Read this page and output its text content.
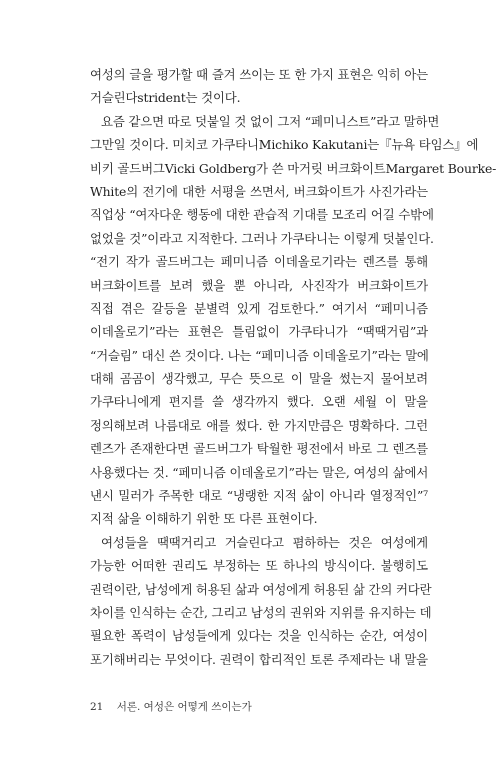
여성의 글을 평가할 때 즐겨 쓰이는 또 한 가지 표현은 익히 아는
거슬린다strident는 것이다.
요즘 같으면 따로 덧붙일 것 없이 그저 “페미니스트”라고 말하면
그만일 것이다. 미치코 가쿠타니Michiko Kakutani는『뉴욕 타임스』에
비키 골드버그Vicki Goldberg가 쓴 마거릿 버크화이트Margaret Bourke-
White의 전기에 대한 서평을 쓰면서, 버크화이트가 사진가라는
직업상 “여자다운 행동에 대한 관습적 기대를 모조리 어길 수밖에
없었을 것”이라고 지적한다. 그러나 가쿠타니는 이렇게 덧붙인다.
“전기 작가 골드버그는 페미니즘 이데올로기라는 렌즈를 통해
버크화이트를 보려 했을 뿐 아니라, 사진작가 버크화이트가
직접 겪은 갈등을 분별력 있게 검토한다.” 여기서 “페미니즘
이데올로기”라는 표현은 틀림없이 가쿠타니가 “땍땍거림”과
“거슬림” 대신 쓴 것이다. 나는 “페미니즘 이데올로기”라는 말에
대해 곰곰이 생각했고, 무슨 뜻으로 이 말을 썼는지 물어보려
가쿠타니에게 편지를 쓸 생각까지 했다. 오랜 세월 이 말을
정의해보려 나름대로 애를 썼다. 한 가지만큼은 명확하다. 그런
렌즈가 존재한다면 골드버그가 탁월한 평전에서 바로 그 렌즈를
사용했다는 것. “페미니즘 이데올로기”라는 말은, 여성의 삶에서
낸시 밀러가 주목한 대로 “냉랭한 지적 삶이 아니라 열정적인”⁷
지적 삶을 이해하기 위한 또 다른 표현이다.
여성들을 땍땍거리고 거슬린다고 폄하하는 것은 여성에게
가능한 어떠한 권리도 부정하는 또 하나의 방식이다. 불행히도
권력이란, 남성에게 허용된 삶과 여성에게 허용된 삶 간의 커다란
차이를 인식하는 순간, 그리고 남성의 권위와 지위를 유지하는 데
필요한 폭력이 남성들에게 있다는 것을 인식하는 순간, 여성이
포기해버리는 무엇이다. 권력이 합리적인 토론 주제라는 내 말을
21 서론. 여성은 어떻게 쓰이는가
